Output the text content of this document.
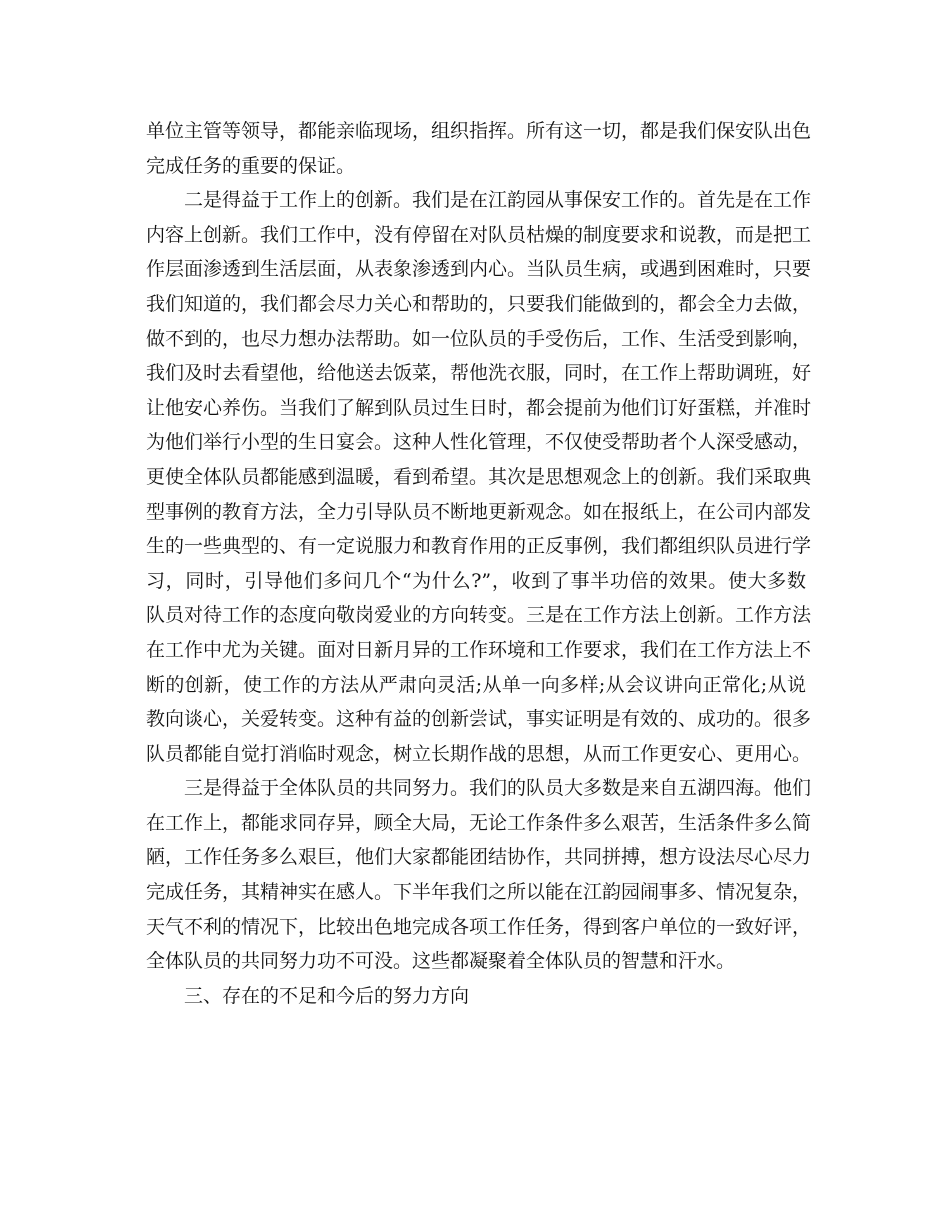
单位主管等领导，都能亲临现场，组织指挥。所有这一切，都是我们保安队出色
完成任务的重要的保证。
二是得益于工作上的创新。我们是在江韵园从事保安工作的。首先是在工作
内容上创新。我们工作中，没有停留在对队员枯燥的制度要求和说教，而是把工
作层面渗透到生活层面，从表象渗透到内心。当队员生病，或遇到困难时，只要
我们知道的，我们都会尽力关心和帮助的，只要我们能做到的，都会全力去做，
做不到的，也尽力想办法帮助。如一位队员的手受伤后，工作、生活受到影响，
我们及时去看望他，给他送去饭菜，帮他洗衣服，同时，在工作上帮助调班，好
让他安心养伤。当我们了解到队员过生日时，都会提前为他们订好蛋糕，并准时
为他们举行小型的生日宴会。这种人性化管理，不仅使受帮助者个人深受感动，
更使全体队员都能感到温暖，看到希望。其次是思想观念上的创新。我们采取典
型事例的教育方法，全力引导队员不断地更新观念。如在报纸上，在公司内部发
生的一些典型的、有一定说服力和教育作用的正反事例，我们都组织队员进行学
习，同时，引导他们多问几个“为什么?”，收到了事半功倍的效果。使大多数
队员对待工作的态度向敬岗爱业的方向转变。三是在工作方法上创新。工作方法
在工作中尤为关键。面对日新月异的工作环境和工作要求，我们在工作方法上不
断的创新，使工作的方法从严肃向灵活;从单一向多样;从会议讲向正常化;从说
教向谈心，关爱转变。这种有益的创新尝试，事实证明是有效的、成功的。很多
队员都能自觉打消临时观念，树立长期作战的思想，从而工作更安心、更用心。
三是得益于全体队员的共同努力。我们的队员大多数是来自五湖四海。他们
在工作上，都能求同存异，顾全大局，无论工作条件多么艰苦，生活条件多么简
陋，工作任务多么艰巨，他们大家都能团结协作，共同拼搏，想方设法尽心尽力
完成任务，其精神实在感人。下半年我们之所以能在江韵园闹事多、情况复杂，
天气不利的情况下，比较出色地完成各项工作任务，得到客户单位的一致好评，
全体队员的共同努力功不可没。这些都凝聚着全体队员的智慧和汗水。
三、存在的不足和今后的努力方向
